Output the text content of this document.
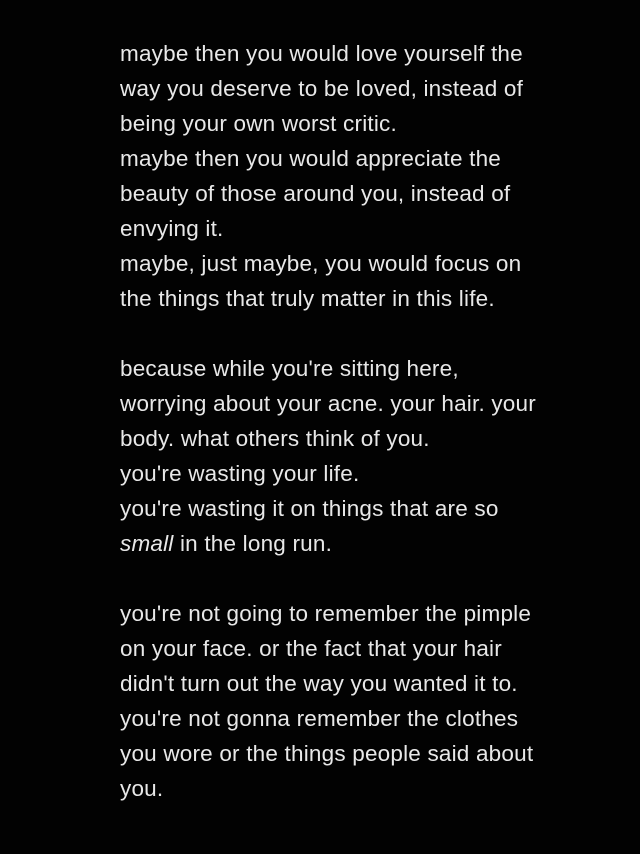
maybe then you would love yourself the
way you deserve to be loved, instead of
being your own worst critic.
maybe then you would appreciate the
beauty of those around you, instead of
envying it.
maybe, just maybe, you would focus on
the things that truly matter in this life.
because while you're sitting here,
worrying about your acne. your hair. your
body. what others think of you.
you're wasting your life.
you're wasting it on things that are so
small in the long run.
you're not going to remember the pimple
on your face. or the fact that your hair
didn't turn out the way you wanted it to.
you're not gonna remember the clothes
you wore or the things people said about
you.
